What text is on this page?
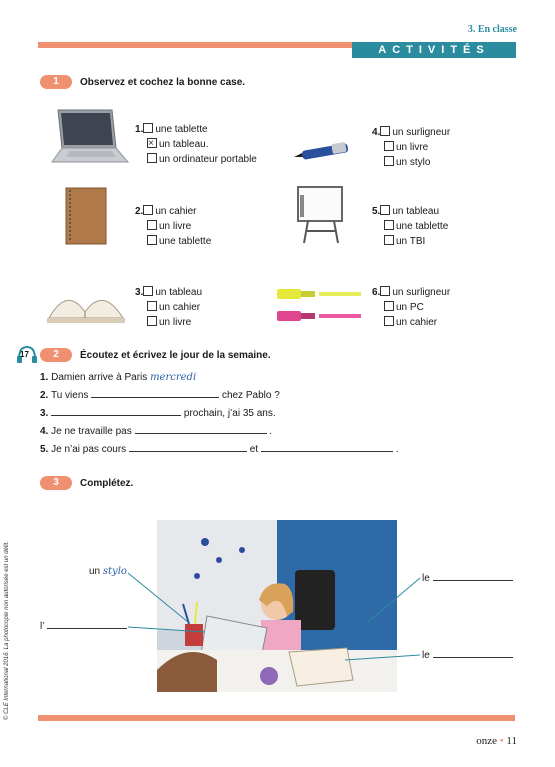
3. En classe
ACTIVITÉS
1	Observez et cochez la bonne case.
1. une tablette
×un tableau.
un ordinateur portable
2. un cahier
un livre
une tablette
3. un tableau
un cahier
un livre
4. un surligneur
un livre
un stylo
5. un tableau
une tablette
un TBI
6. un surligneur
un PC
un cahier
17	2	Écoutez et écrivez le jour de la semaine.
1. Damien arrive à Paris mercredi
2. Tu viens	chez Pablo ?
3.	prochain, j’ai 35 ans.
4. Je ne travaille pas	.
5. Je n’ai pas cours	et	.
3	Complétez.
un stylo
l’
le
le
onze • 11
© CLE International 2016. La photocopie non autorisée est un délit.
